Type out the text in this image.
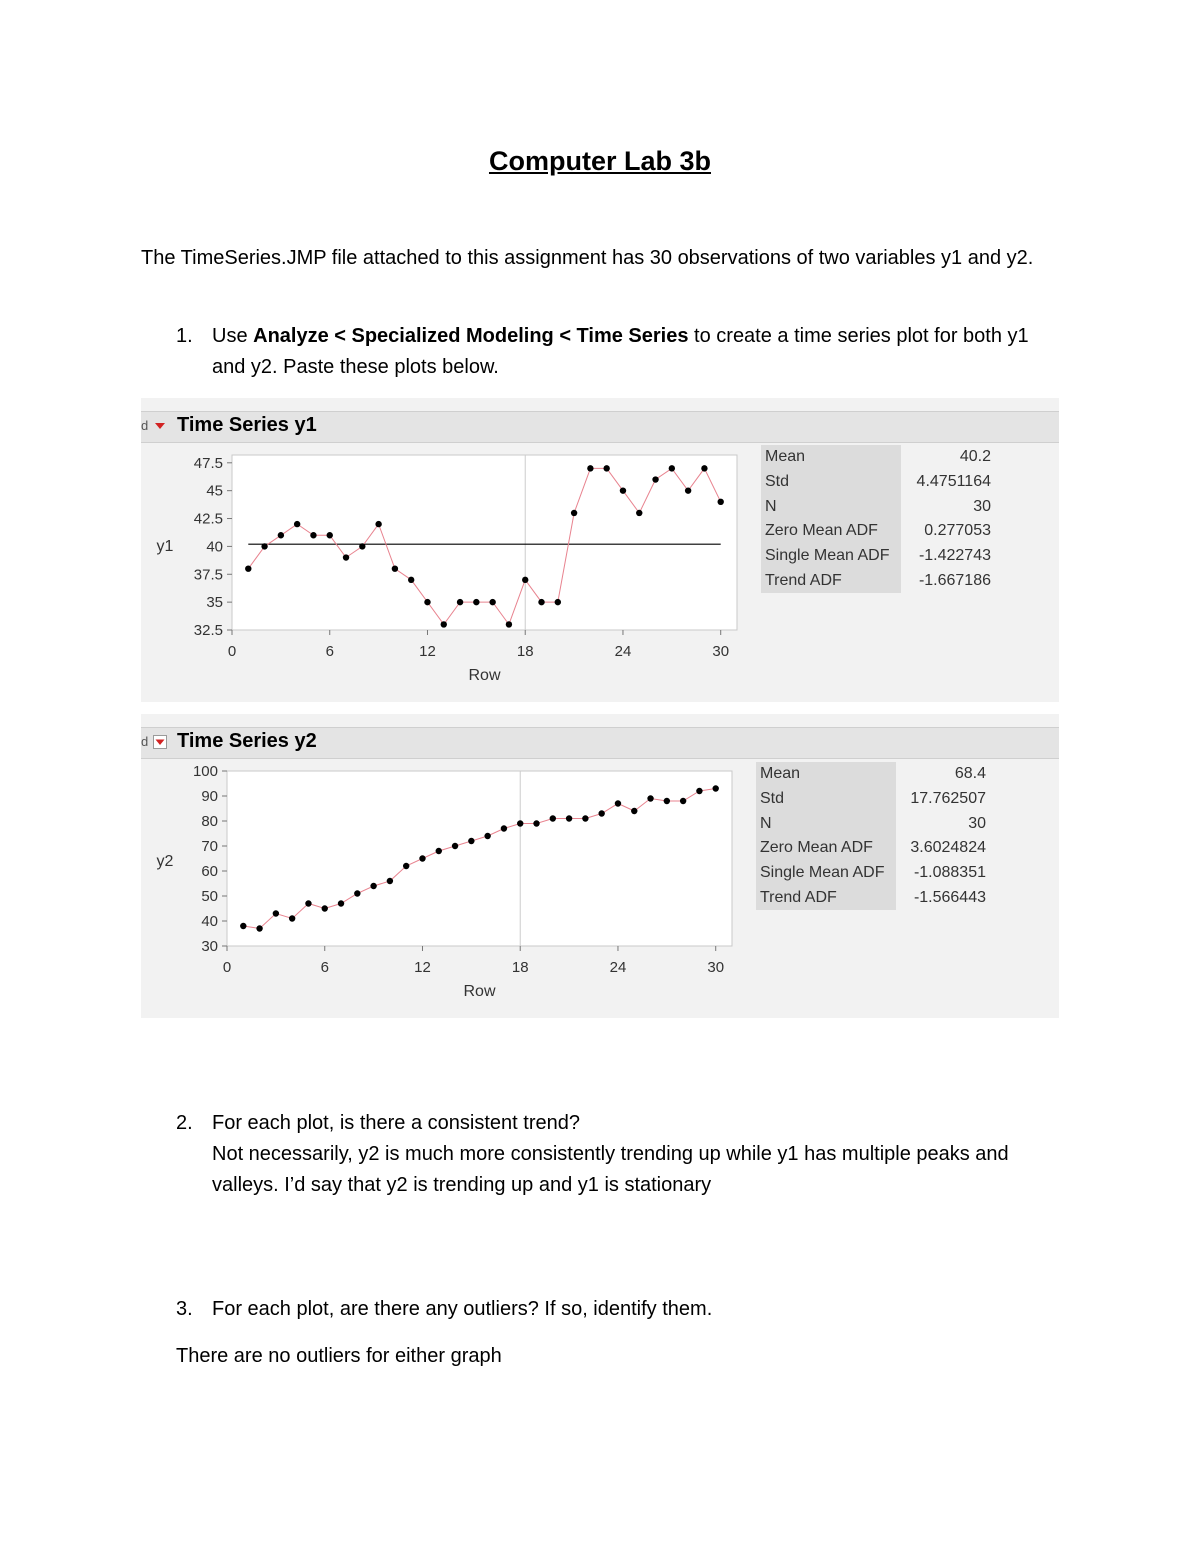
Computer Lab 3b
The TimeSeries.JMP file attached to this assignment has 30 observations of two variables y1 and y2.
1. Use Analyze < Specialized Modeling < Time Series to create a time series plot for both y1 and y2. Paste these plots below.
d Time Series y1
32.5
35
37.5
40
42.5
45
47.5
0	6	12	18	24	30
Row
y1
Mean	40.2
Std	4.4751164
N	30
Zero Mean ADF	0.277053
Single Mean ADF	-1.422743
Trend ADF	-1.667186
d Time Series y2
30
40
50
60
70
80
90
100
0	6	12	18	24	30
Row
y2
Mean	68.4
Std	17.762507
N	30
Zero Mean ADF	3.6024824
Single Mean ADF	-1.088351
Trend ADF	-1.566443
2. For each plot, is there a consistent trend?
Not necessarily, y2 is much more consistently trending up while y1 has multiple peaks and valleys. I’d say that y2 is trending up and y1 is stationary
3. For each plot, are there any outliers? If so, identify them.
There are no outliers for either graph
